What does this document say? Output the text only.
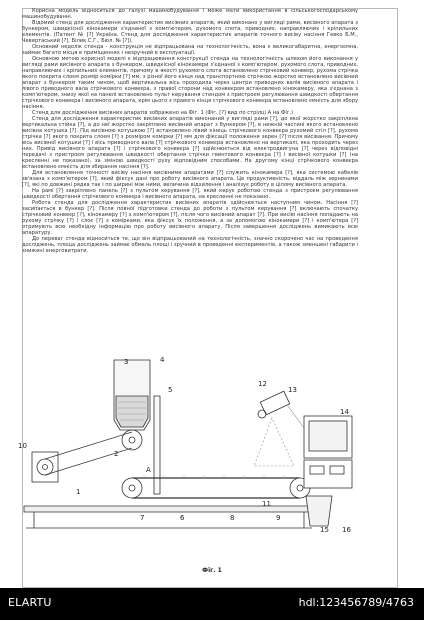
Корисна модель відноситься до галузі машинобудування і може мати використання в сільськогосподарському машинобудуванні.

Відомий стенд для дослідження характеристик висівних апаратів, який виконано у вигляді рами, висівного апарата з бункером, швидкісної кінокамери з'єднаної з комп'ютером, рухомого слота, приводних, направляючих і кріпильних елементів. (Патент № [?] Україна. Стенд для дослідження характеристик апаратів точного висіву насіння Гевко Б.М., Чевертаський [?], Білик С.Г., Бюл. № [?]).

Основний недолік стенда - конструкція не відпрацьована на технологічність, вона є великогабаритна, енергоємна, займає багато місця в приміщеннях і незручний в експлуатації.

Основною метою корисної моделі є відпрацювання конструкції стенда на технологічність шляхом його виконання у вигляді рами висівного апарата з бункером, швидкісної кінокамери з'єднаної з комп'ютером, рухомого слота, приводних, направляючих і кріпильних елементів, причому в якості рухомого слота встановлено стрічковий конвеєр, рухома стрічка якого покрита слоєм розмір комірки [?] мм, з різної його кінця над транспортною стрічкою жорстко встановлено висівний апарат з бункером таким чином, щоб вертикальна вісь проходила через центри приводних валів висівного апарата і лівого приводного вала стрічкового конвеєра, з правої сторони над конвеєром встановлено кінокамеру, яка з'єднана з комп'ютером, знизу якої на панелі встановлено пульт керування стендом з пристроєм регулювання швидкості обертання стрічкового конвеєра і висівного апарата, крім цього з правого кінця стрічкового конвеєра встановлено ємність для збору насіння.

Стенд для дослідження висівних апаратів зображено на Фіг. 1 (Фіг. [?] вид по стрілці А на Фіг.)

Стенд для дослідження характеристик висівних апаратів виконаний у вигляді рами [?], до якої жорстко закріплена вертикальна стійка [?], а до неї жорстко закріплено висівний апарат з бункером [?], в нижній частині якого встановлено висівна котушка [?]. Під висівною котушкою [?] встановлено лівий кінець стрічкового конвеєра рухомий стіл [?], рухома стрічка [?] якого покрита слоєм [?] з розміром комірки [?] мм для фіксації положення зерен [?] після висівання. Причому вісь висівної котушки [?] і вісь приводного вала [?] стрічкового конвеєра встановлено на вертикалі, яка проходить через них. Привід висівного апарата [?] і стрічкового конвеєра [?] здійснюється від електродвигуна [?] через відповідні передачі з пристроєм регулювання швидкості обертання стрічки гвинтового конвеєра [?] і висівної котушки [?] (на кресленні не показано), за зміною швидкості руху відповідним способами. На другому кінці стрічкового конвеєра встановлено ємність для збирання насіння [?].

Для встановлення точності висіву насіння висівними апаратами [?] служить кінокамера [?], яка системою кабелів зв'язана з комп'ютером [?], який фіксує дані про роботу висівного апарата. Це продуктивність, віддаль між зернинами [?], які по довжині рядка так і по ширині між ними, величина відхилення і аналізує роботу в цілому висівного апарата.

На рамі [?] закріплено панель [?] з пультом керування [?], який керує роботою стенда з пристроєм регулювання швидкості обертання стрічкового конвеєра і висівного апарата, на кресленні не показано.

Робота стенда для дослідження характеристик висівних апаратів здійснюється наступним чином. Насіння [?] засипається в бункер [?]. Після повної підготовки стенда до роботи з пультом керування [?] включають спочатку стрічковий конвеєр [?], кінокамеру [?] з комп'ютером [?], після чого висівний апарат [?]. При висіві насіння попадають на рухому стрічку [?] і слоє [?] з комірками, яка фіксує їх положення, а за допомогою кінокамери [?] і комп'ютера [?] отримують всю необхідну інформацію про роботу висівного апарату. Після завершення досліджень вимикають всю апаратуру.

До переваг стенда відноситься те, що він відпрацьований на технологічність, значно скорочено час на проведення досліджень, площа досліджень займає обмаль площі і зручний в проведенні експериментів, а також зменшені габарити і знижені енерговитрати.

10
3	4
5
2
1
7	6	8	9
12
13
14
15 16
11
A
Фіг. 1
ELARTU	hdl:123456789/4763
